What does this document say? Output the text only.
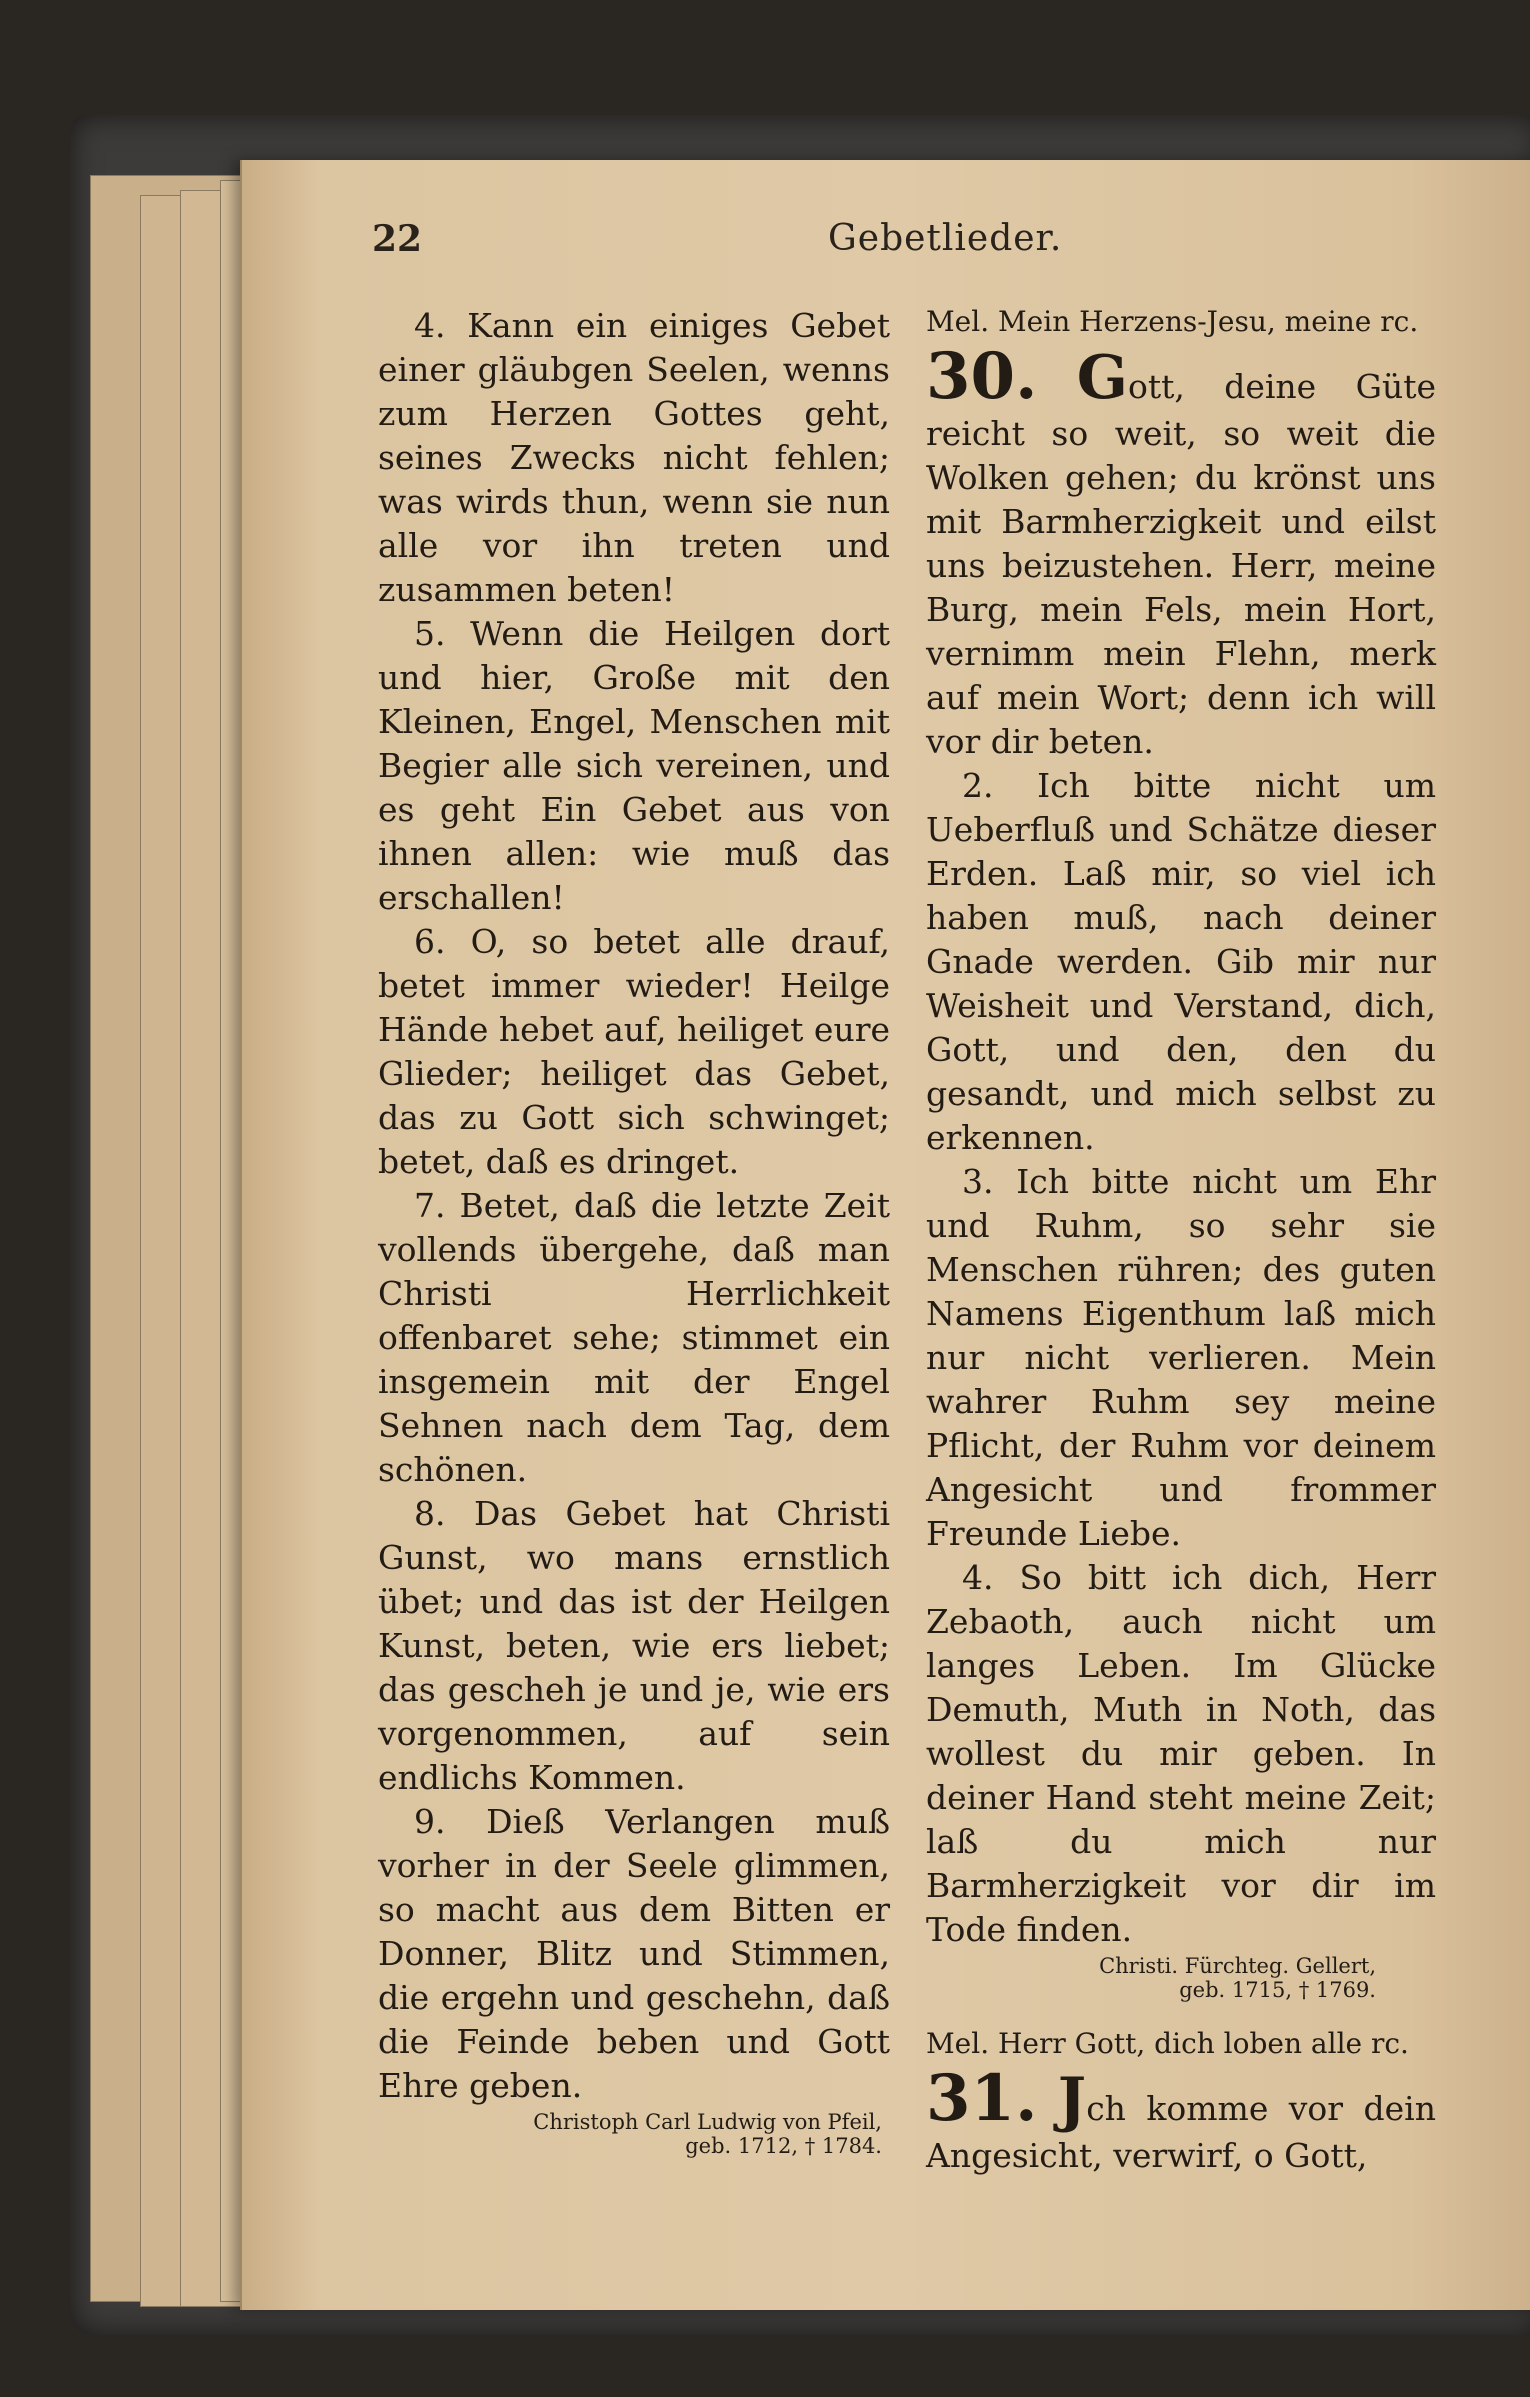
22	Gebetlieder.

4. Kann ein einiges Gebet einer gläubgen Seelen, wenns zum Herzen Gottes geht, seines Zwecks nicht fehlen; was wirds thun, wenn sie nun alle vor ihn treten und zusammen beten!

5. Wenn die Heilgen dort und hier, Große mit den Kleinen, Engel, Menschen mit Begier alle sich vereinen, und es geht Ein Gebet aus von ihnen allen: wie muß das erschallen!

6. O, so betet alle drauf, betet immer wieder! Heilge Hände hebet auf, heiliget eure Glieder; heiliget das Gebet, das zu Gott sich schwinget; betet, daß es dringet.

7. Betet, daß die letzte Zeit vollends übergehe, daß man Christi Herrlichkeit offenbaret sehe; stimmet ein insgemein mit der Engel Sehnen nach dem Tag, dem schönen.

8. Das Gebet hat Christi Gunst, wo mans ernstlich übet; und das ist der Heilgen Kunst, beten, wie ers liebet; das gescheh je und je, wie ers vorgenommen, auf sein endlichs Kommen.

9. Dieß Verlangen muß vorher in der Seele glimmen, so macht aus dem Bitten er Donner, Blitz und Stimmen, die ergehn und geschehn, daß die Feinde beben und Gott Ehre geben.

Christoph Carl Ludwig von Pfeil,
geb. 1712, † 1784.

Mel. Mein Herzens-Jesu, meine rc.

30. Gott, deine Güte reicht so weit, so weit die Wolken gehen; du krönst uns mit Barmherzigkeit und eilst uns beizustehen. Herr, meine Burg, mein Fels, mein Hort, vernimm mein Flehn, merk auf mein Wort; denn ich will vor dir beten.

2. Ich bitte nicht um Ueberfluß und Schätze dieser Erden. Laß mir, so viel ich haben muß, nach deiner Gnade werden. Gib mir nur Weisheit und Verstand, dich, Gott, und den, den du gesandt, und mich selbst zu erkennen.

3. Ich bitte nicht um Ehr und Ruhm, so sehr sie Menschen rühren; des guten Namens Eigenthum laß mich nur nicht verlieren. Mein wahrer Ruhm sey meine Pflicht, der Ruhm vor deinem Angesicht und frommer Freunde Liebe.

4. So bitt ich dich, Herr Zebaoth, auch nicht um langes Leben. Im Glücke Demuth, Muth in Noth, das wollest du mir geben. In deiner Hand steht meine Zeit; laß du mich nur Barmherzigkeit vor dir im Tode finden.

Christi. Fürchteg. Gellert,
geb. 1715, † 1769.

Mel. Herr Gott, dich loben alle rc.

31. Jch komme vor dein Angesicht, verwirf, o Gott,
